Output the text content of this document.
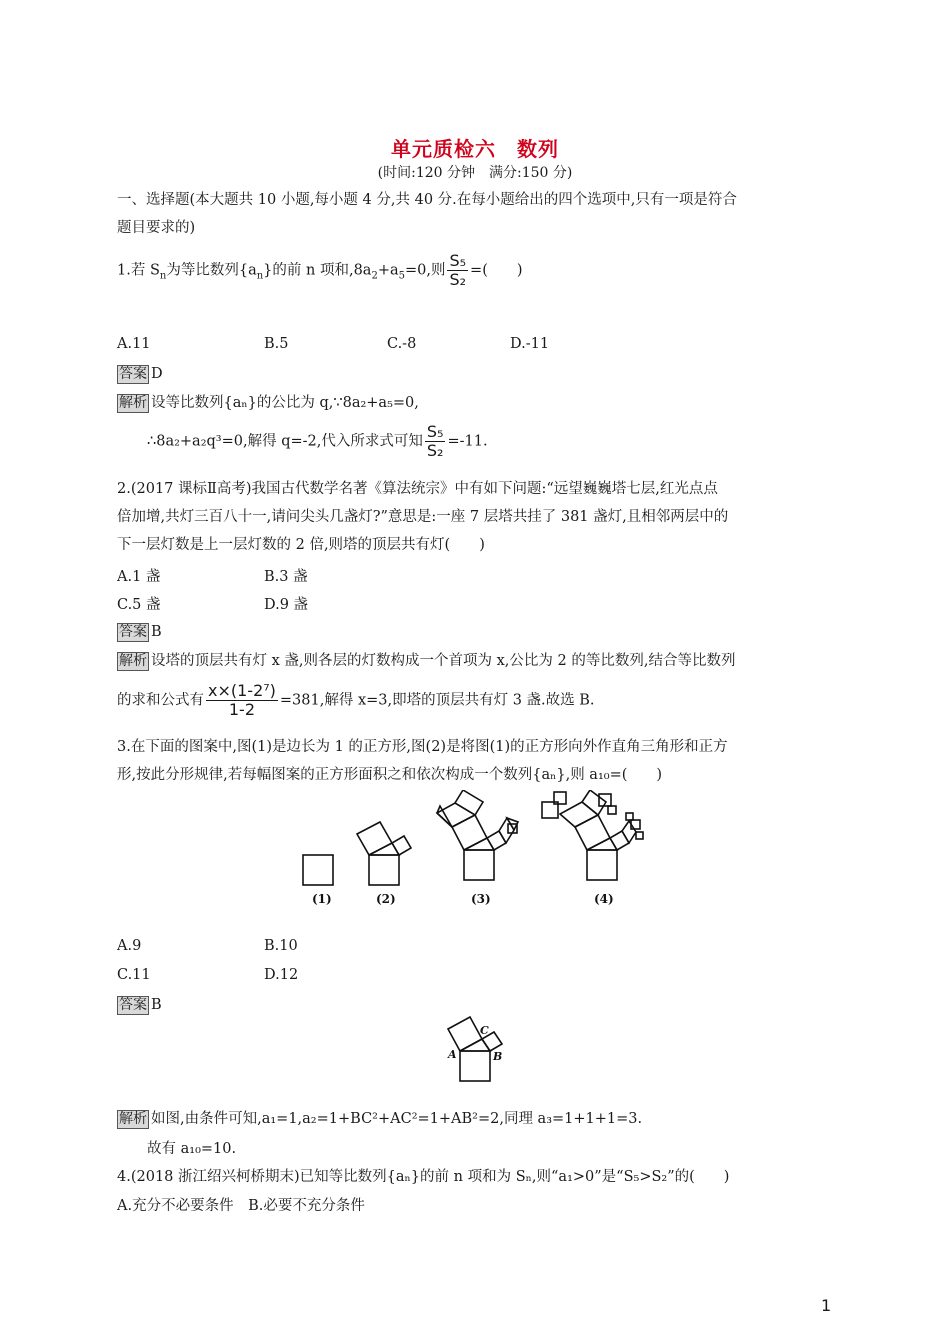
单元质检六　数列
(时间:120 分钟　满分:150 分)
一、选择题(本大题共 10 小题,每小题 4 分,共 40 分.在每小题给出的四个选项中,只有一项是符合
题目要求的)
1.若 $S_n$为等比数列$\{a_n\}$的前 n 项和$,8a_2+a_5=0$,则 $\frac{\text{S₅}}{\text{S₂}}$ =(　　)
A.11	B.5	C.-8	D.-11
答案 D
解析 设等比数列{aₙ}的公比为 q,∵8a₂+a₅=0,
∴8a₂+a₂q³=0,解得 q=-2,代入所求式可知 $\frac{\text{S₅}}{\text{S₂}} =-11$.
2.(2017 课标Ⅱ高考)我国古代数学名著《算法统宗》中有如下问题:“远望巍巍塔七层,红光点点
倍加增,共灯三百八十一,请问尖头几盏灯?”意思是:一座 7 层塔共挂了 381 盏灯,且相邻两层中的
下一层灯数是上一层灯数的 2 倍,则塔的顶层共有灯(　　)
A.1 盏	B.3 盏
C.5 盏	D.9 盏
答案 B
解析 设塔的顶层共有灯 x 盏,则各层的灯数构成一个首项为 x,公比为 2 的等比数列,结合等比数列
的求和公式有 $\frac{\text{x×(1-2⁷)}}{1-2} =381$,解得 x=3,即塔的顶层共有灯 3 盏.故选 B.
3.在下面的图案中,图(1)是边长为 1 的正方形,图(2)是将图(1)的正方形向外作直角三角形和正方
形,按此分形规律,若每幅图案的正方形面积之和依次构成一个数列{aₙ},则 a₁₀=(　　)
(1)	(2)	(3)	(4)
A.9	B.10
C.11	D.12
答案 B
A	B
C
解析 如图,由条件可知,a₁=1,a₂=1+BC²+AC²=1+AB²=2,同理 a₃=1+1+1=3.
故有 a₁₀=10.
4.(2018 浙江绍兴柯桥期末)已知等比数列{aₙ}的前 n 项和为 Sₙ,则“a₁>0”是“S₅>S₂”的(　　)
A.充分不必要条件　B.必要不充分条件
1
